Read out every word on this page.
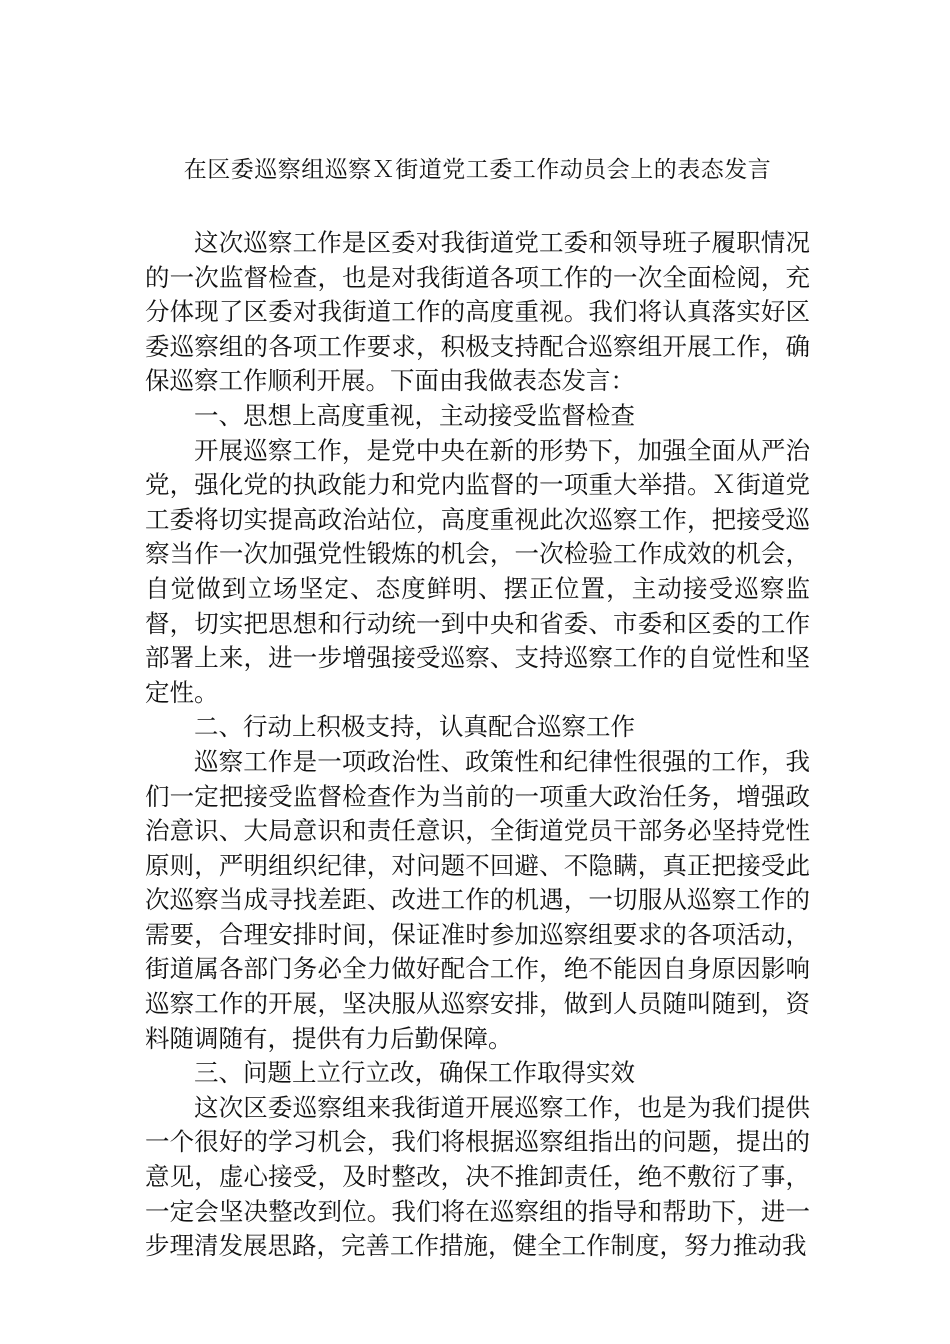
在区委巡察组巡察Ｘ街道党工委工作动员会上的表态发言

这次巡察工作是区委对我街道党工委和领导班子履职情况的一次监督检查，也是对我街道各项工作的一次全面检阅，充分体现了区委对我街道工作的高度重视。我们将认真落实好区委巡察组的各项工作要求，积极支持配合巡察组开展工作，确保巡察工作顺利开展。下面由我做表态发言：

一、思想上高度重视，主动接受监督检查

开展巡察工作，是党中央在新的形势下，加强全面从严治党，强化党的执政能力和党内监督的一项重大举措。Ｘ街道党工委将切实提高政治站位，高度重视此次巡察工作，把接受巡察当作一次加强党性锻炼的机会，一次检验工作成效的机会，自觉做到立场坚定、态度鲜明、摆正位置，主动接受巡察监督，切实把思想和行动统一到中央和省委、市委和区委的工作部署上来，进一步增强接受巡察、支持巡察工作的自觉性和坚定性。

二、行动上积极支持，认真配合巡察工作

巡察工作是一项政治性、政策性和纪律性很强的工作，我们一定把接受监督检查作为当前的一项重大政治任务，增强政治意识、大局意识和责任意识，全街道党员干部务必坚持党性原则，严明组织纪律，对问题不回避、不隐瞒，真正把接受此次巡察当成寻找差距、改进工作的机遇，一切服从巡察工作的需要，合理安排时间，保证准时参加巡察组要求的各项活动，街道属各部门务必全力做好配合工作，绝不能因自身原因影响巡察工作的开展，坚决服从巡察安排，做到人员随叫随到，资料随调随有，提供有力后勤保障。

三、问题上立行立改，确保工作取得实效

这次区委巡察组来我街道开展巡察工作，也是为我们提供一个很好的学习机会，我们将根据巡察组指出的问题，提出的意见，虚心接受，及时整改，决不推卸责任，绝不敷衍了事，一定会坚决整改到位。我们将在巡察组的指导和帮助下，进一步理清发展思路，完善工作措施，健全工作制度，努力推动我
